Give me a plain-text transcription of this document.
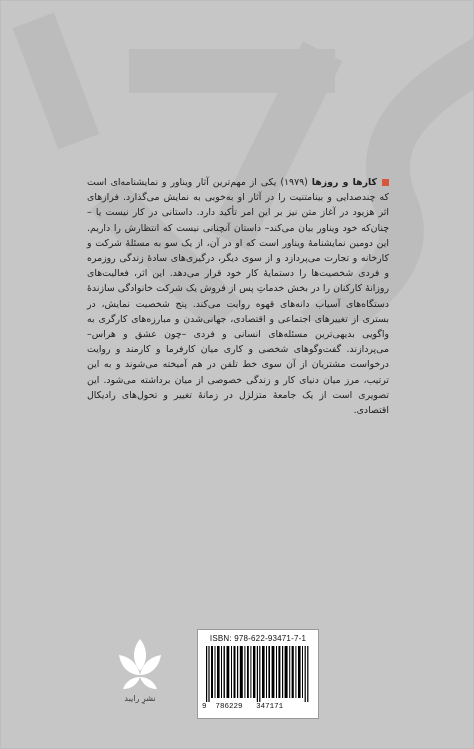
کارها و روزها (۱۹۷۹) یکی از مهم‌ترین آثار ویناور و نمایشنامه‌ای است که چندصدایی و بینامتنیت را در آثار او به‌خوبی به نمایش می‌گذارد. فرازهای اثر هزیود در آغاز متن نیز بر این امر تأکید دارد. داستانی در کار نیست یا –چنان‌که خود ویناور بیان می‌کند– داستان آنچنانی نیست که انتظارش را داریم. این دومین نمایشنامهٔ ویناور است که او در آن، از یک سو به مسئلهٔ شرکت و کارخانه و تجارت می‌پردازد و از سوی دیگر، درگیری‌های سادهٔ زندگی روزمره و فردی شخصیت‌ها را دستمایهٔ کار خود قرار می‌دهد. این اثر، فعالیت‌های روزانهٔ کارکنان را در بخش خدماتِ پس از فروش یک شرکت خانوادگی سازندهٔ دستگاه‌های آسیاب دانه‌های قهوه روایت می‌کند. پنج شخصیت نمایش، در بستری از تغییرهای اجتماعی و اقتصادی، جهانی‌شدن و مبارزه‌های کارگری به واگویی بدیهی‌ترین مسئله‌های انسانی و فردی –چون عشق و هراس– می‌پردازند. گفت‌وگوهای شخصی و کاری میان کارفرما و کارمند و روایت درخواست مشتریان از آن سوی خط تلفن در هم آمیخته می‌شوند و به این ترتیب، مرز میان دنیای کار و زندگی خصوصی از میان برداشته می‌شود. این تصویری است از یک جامعهٔ متزلزل در زمانهٔ تغییر و تحول‌های رادیکال اقتصادی.
نشرِ رایبد
ISBN: 978-622-93471-7-1
9 786229 347171
